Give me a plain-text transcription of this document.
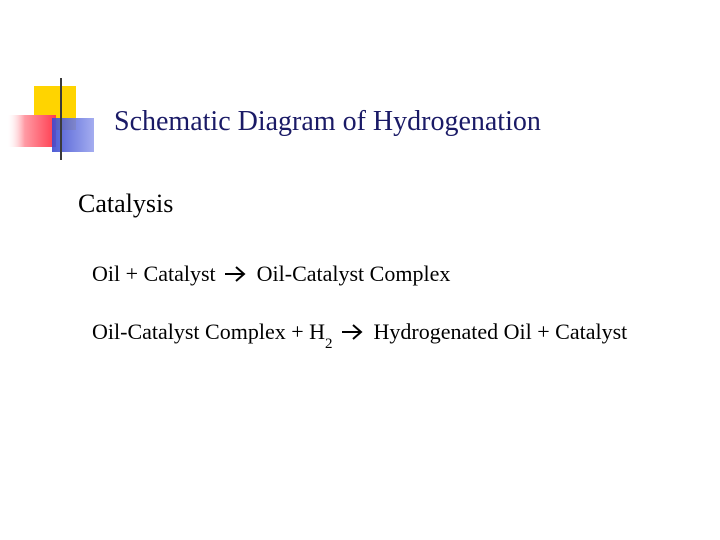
Schematic Diagram of Hydrogenation
Catalysis
Oil + Catalyst Oil-Catalyst Complex
Oil-Catalyst Complex + $H_2$ Hydrogenated Oil + Catalyst
